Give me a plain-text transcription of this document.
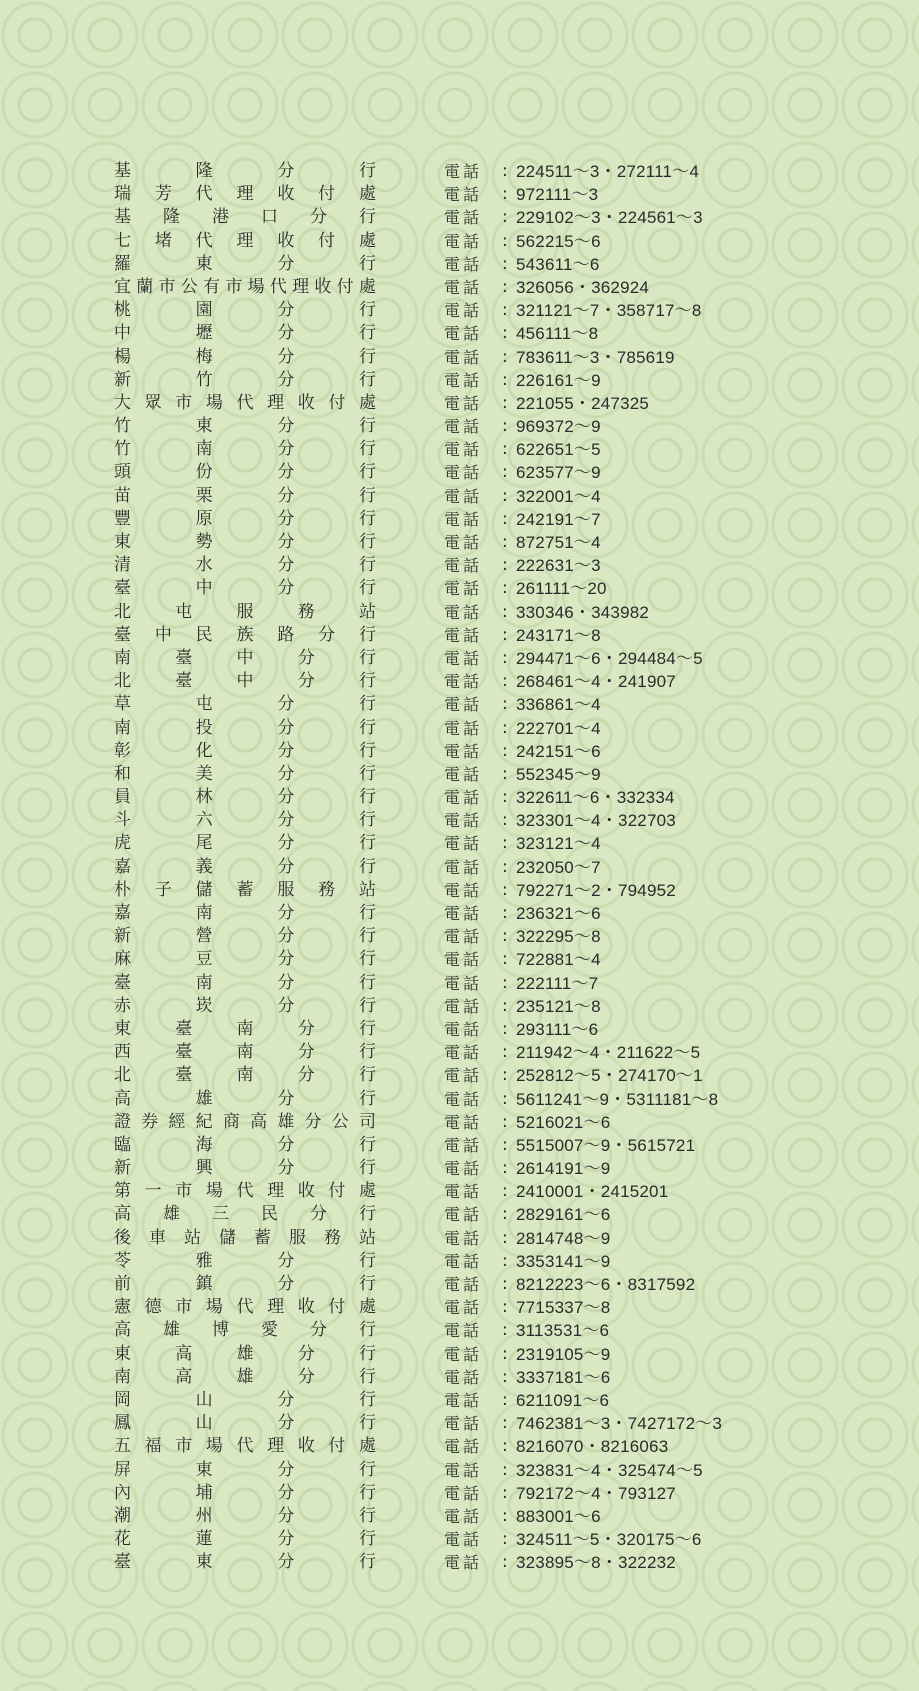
基	隆	分	行	電話 : 224511～3・272111～4
瑞 芳 代 理 收 付 處	電話 : 972111～3
基 隆 港 口 分 行	電話 : 229102～3・224561～3
七 堵 代 理 收 付 處	電話 : 562215～6
羅	東	分	行	電話 : 543611～6
宜 蘭 市 公 有 市 場 代 理 收 付 處	電話 : 326056・362924
桃	園	分	行	電話 : 321121～7・358717～8
中	壢	分	行	電話 : 456111～8
楊	梅	分	行	電話 : 783611～3・785619
新	竹	分	行	電話 : 226161～9
大 眾 市 場 代 理 收 付 處	電話 : 221055・247325
竹	東	分	行	電話 : 969372～9
竹	南	分	行	電話 : 622651～5
頭	份	分	行	電話 : 623577～9
苗	栗	分	行	電話 : 322001～4
豐	原	分	行	電話 : 242191～7
東	勢	分	行	電話 : 872751～4
清	水	分	行	電話 : 222631～3
臺	中	分	行	電話 : 261111～20
北	屯	服	務	站	電話 : 330346・343982
臺 中 民 族 路 分 行	電話 : 243171～8
南	臺	中	分	行	電話 : 294471～6・294484～5
北	臺	中	分	行	電話 : 268461～4・241907
草	屯	分	行	電話 : 336861～4
南	投	分	行	電話 : 222701～4
彰	化	分	行	電話 : 242151～6
和	美	分	行	電話 : 552345～9
員	林	分	行	電話 : 322611～6・332334
斗	六	分	行	電話 : 323301～4・322703
虎	尾	分	行	電話 : 323121～4
嘉	義	分	行	電話 : 232050～7
朴 子 儲 蓄 服 務 站	電話 : 792271～2・794952
嘉	南	分	行	電話 : 236321～6
新	營	分	行	電話 : 322295～8
麻	豆	分	行	電話 : 722881～4
臺	南	分	行	電話 : 222111～7
赤	崁	分	行	電話 : 235121～8
東	臺	南	分	行	電話 : 293111～6
西	臺	南	分	行	電話 : 211942～4・211622～5
北	臺	南	分	行	電話 : 252812～5・274170～1
高	雄	分	行	電話 : 5611241～9・5311181～8
證 券 經 紀 商 高 雄 分 公 司	電話 : 5216021～6
臨	海	分	行	電話 : 5515007～9・5615721
新	興	分	行	電話 : 2614191～9
第 一 市 場 代 理 收 付 處	電話 : 2410001・2415201
高 雄 三 民 分 行	電話 : 2829161～6
後 車 站 儲 蓄 服 務 站	電話 : 2814748～9
苓	雅	分	行	電話 : 3353141～9
前	鎮	分	行	電話 : 8212223～6・8317592
憲 德 市 場 代 理 收 付 處	電話 : 7715337～8
高 雄 博 愛 分 行	電話 : 3113531～6
東	高	雄	分	行	電話 : 2319105～9
南	高	雄	分	行	電話 : 3337181～6
岡	山	分	行	電話 : 6211091～6
鳳	山	分	行	電話 : 7462381～3・7427172～3
五 福 市 場 代 理 收 付 處	電話 : 8216070・8216063
屏	東	分	行	電話 : 323831～4・325474～5
內	埔	分	行	電話 : 792172～4・793127
潮	州	分	行	電話 : 883001～6
花	蓮	分	行	電話 : 324511～5・320175～6
臺	東	分	行	電話 : 323895～8・322232
